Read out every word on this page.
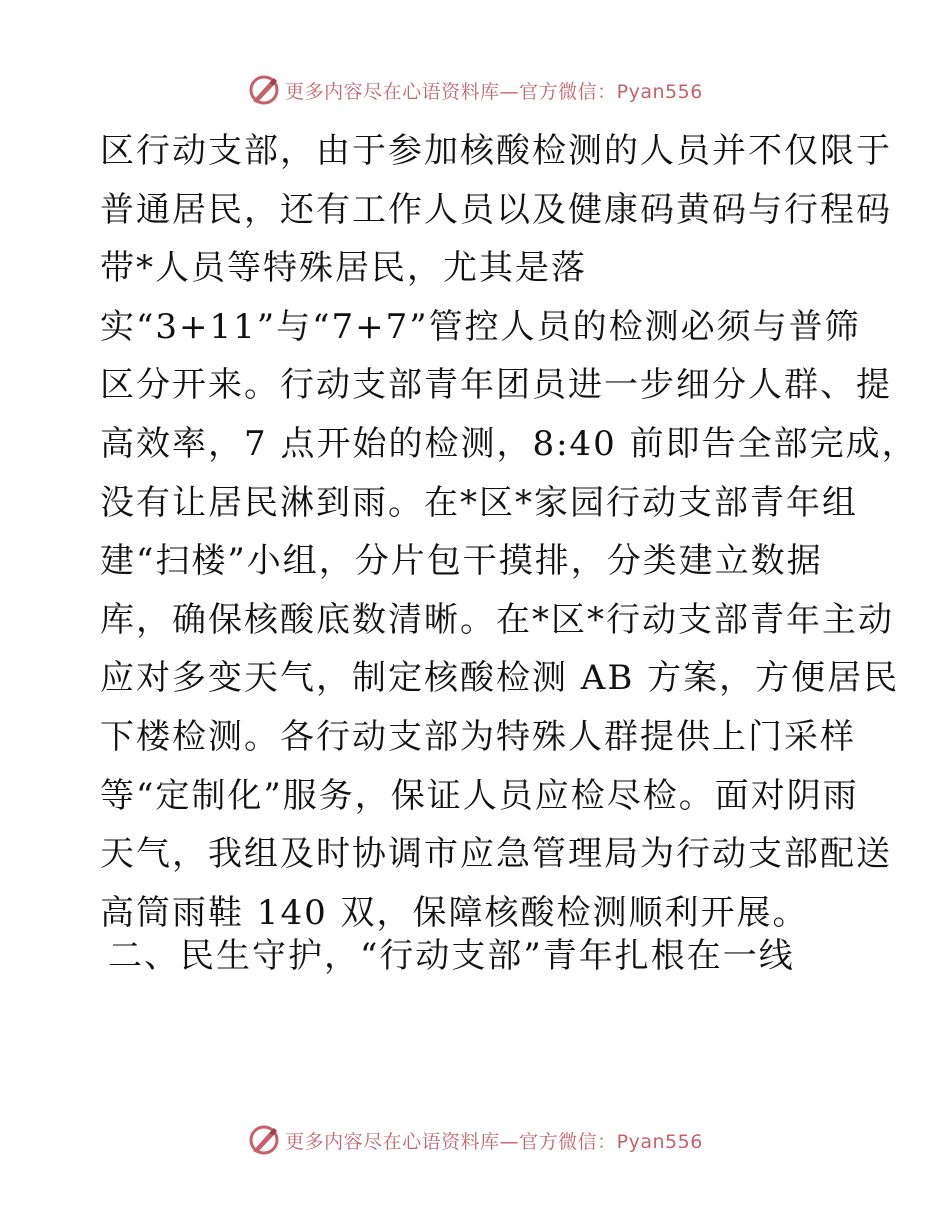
更多内容尽在心语资料库—官方微信：Pyan556
区行动支部，由于参加核酸检测的人员并不仅限于
普通居民，还有工作人员以及健康码黄码与行程码
带*人员等特殊居民，尤其是落
实“3+11”与“7+7”管控人员的检测必须与普筛
区分开来。行动支部青年团员进一步细分人群、提
高效率，7 点开始的检测，8:40 前即告全部完成，
没有让居民淋到雨。在*区*家园行动支部青年组
建“扫楼”小组，分片包干摸排，分类建立数据
库，确保核酸底数清晰。在*区*行动支部青年主动
应对多变天气，制定核酸检测 AB 方案，方便居民
下楼检测。各行动支部为特殊人群提供上门采样
等“定制化”服务，保证人员应检尽检。面对阴雨
天气，我组及时协调市应急管理局为行动支部配送
高筒雨鞋 140 双，保障核酸检测顺利开展。
二、民生守护，“行动支部”青年扎根在一线
更多内容尽在心语资料库—官方微信：Pyan556
